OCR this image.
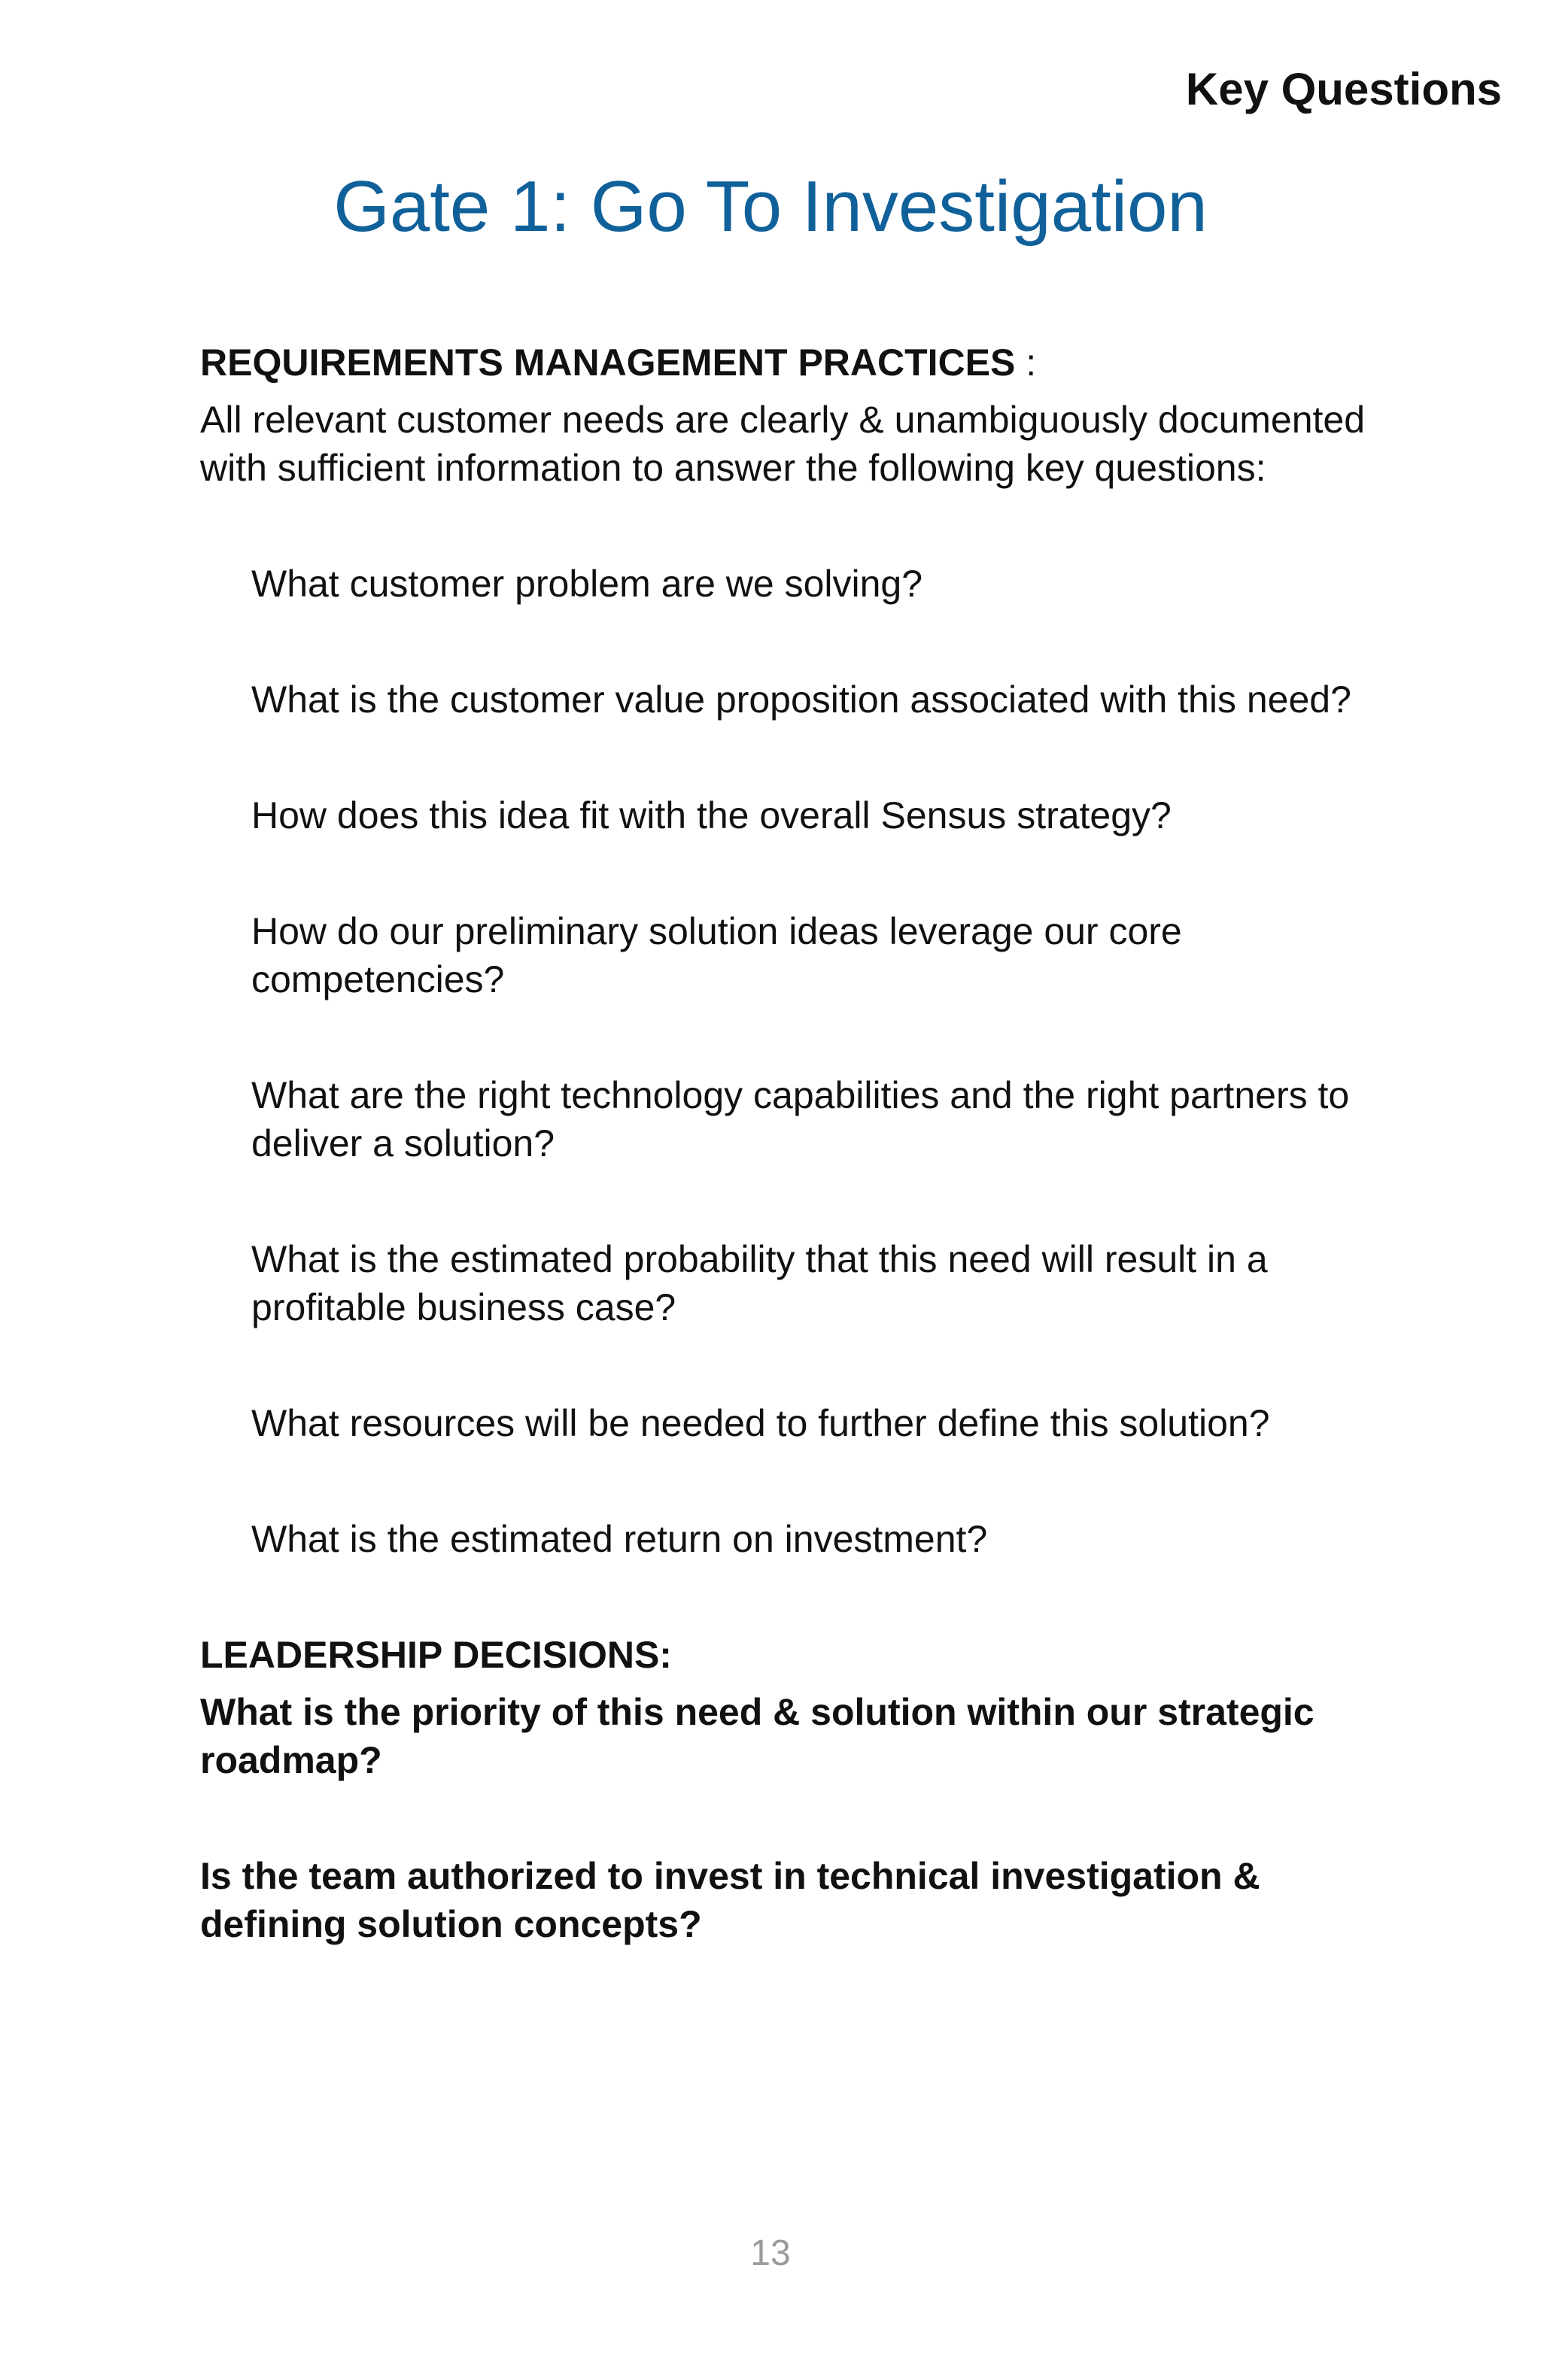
Key Questions
Gate 1: Go To Investigation

REQUIREMENTS MANAGEMENT PRACTICES :

All relevant customer needs are clearly & unambiguously documented with sufficient information to answer the following key questions:

What customer problem are we solving?
What is the customer value proposition associated with this need?
How does this idea fit with the overall Sensus strategy?
How do our preliminary solution ideas leverage our core competencies?
What are the right technology capabilities and the right partners to deliver a solution?
What is the estimated probability that this need will result in a profitable business case?
What resources will be needed to further define this solution?
What is the estimated return on investment?

LEADERSHIP DECISIONS:

What is the priority of this need & solution within our strategic roadmap?

Is the team authorized to invest in technical investigation & defining solution concepts?

13
